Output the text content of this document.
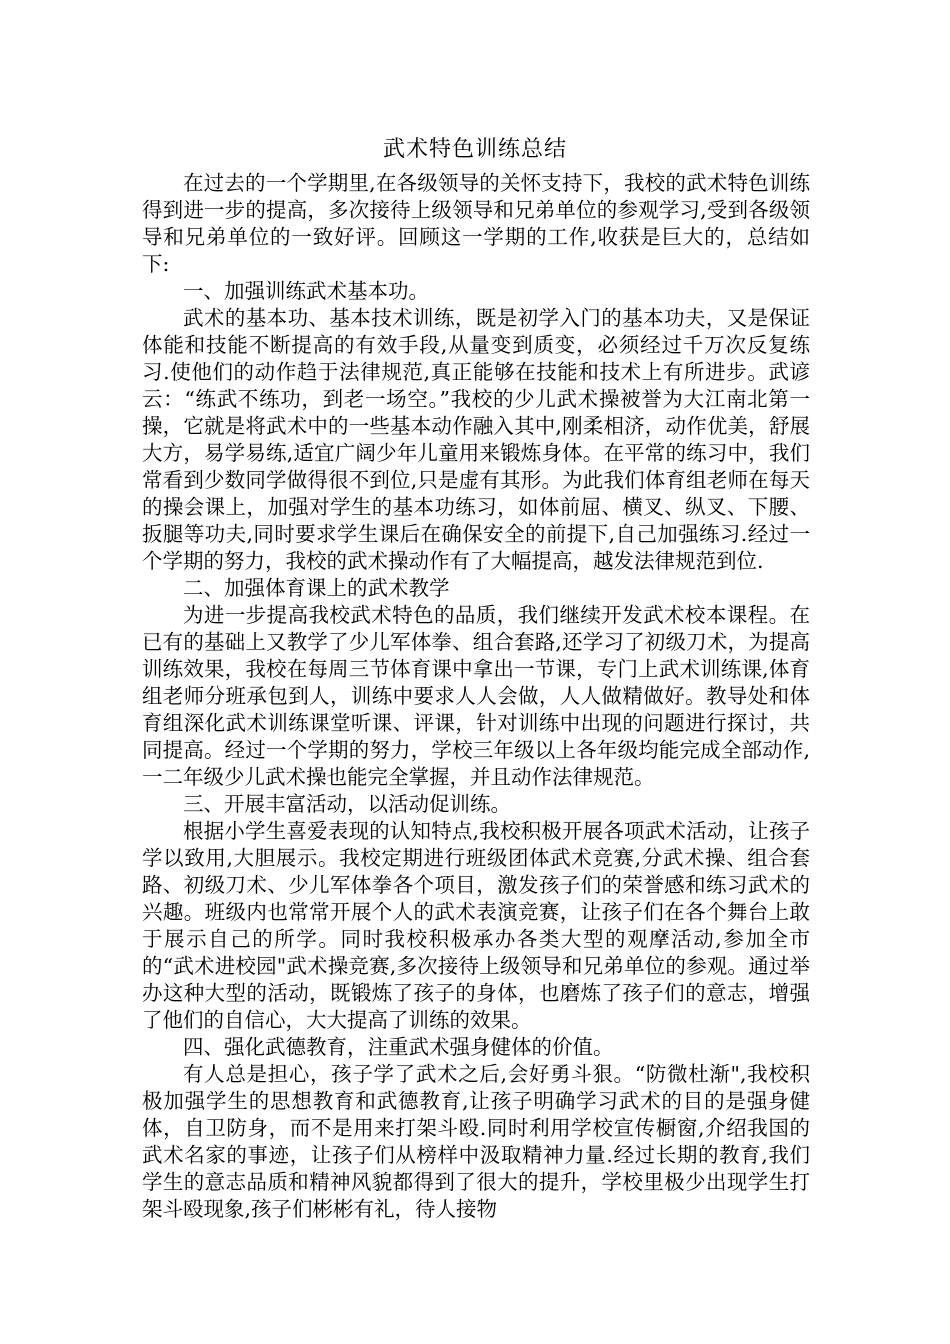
武术特色训练总结

在过去的一个学期里,在各级领导的关怀支持下，我校的武术特色训练得到进一步的提高，多次接待上级领导和兄弟单位的参观学习,受到各级领导和兄弟单位的一致好评。回顾这一学期的工作,收获是巨大的，总结如下:

一、加强训练武术基本功。

武术的基本功、基本技术训练，既是初学入门的基本功夫，又是保证体能和技能不断提高的有效手段,从量变到质变，必须经过千万次反复练习.使他们的动作趋于法律规范,真正能够在技能和技术上有所进步。武谚云：“练武不练功，到老一场空。”我校的少儿武术操被誉为大江南北第一操，它就是将武术中的一些基本动作融入其中,刚柔相济，动作优美，舒展大方，易学易练,适宜广阔少年儿童用来锻炼身体。在平常的练习中，我们常看到少数同学做得很不到位,只是虚有其形。为此我们体育组老师在每天的操会课上，加强对学生的基本功练习，如体前屈、横叉、纵叉、下腰、扳腿等功夫,同时要求学生课后在确保安全的前提下,自己加强练习.经过一个学期的努力，我校的武术操动作有了大幅提高，越发法律规范到位.

二、加强体育课上的武术教学

为进一步提高我校武术特色的品质，我们继续开发武术校本课程。在已有的基础上又教学了少儿军体拳、组合套路,还学习了初级刀术，为提高训练效果，我校在每周三节体育课中拿出一节课，专门上武术训练课,体育组老师分班承包到人，训练中要求人人会做，人人做精做好。教导处和体育组深化武术训练课堂听课、评课，针对训练中出现的问题进行探讨，共同提高。经过一个学期的努力，学校三年级以上各年级均能完成全部动作,一二年级少儿武术操也能完全掌握，并且动作法律规范。

三、开展丰富活动，以活动促训练。

根据小学生喜爱表现的认知特点,我校积极开展各项武术活动，让孩子学以致用,大胆展示。我校定期进行班级团体武术竞赛,分武术操、组合套路、初级刀术、少儿军体拳各个项目，激发孩子们的荣誉感和练习武术的兴趣。班级内也常常开展个人的武术表演竞赛，让孩子们在各个舞台上敢于展示自己的所学。同时我校积极承办各类大型的观摩活动,参加全市的“武术进校园"武术操竞赛,多次接待上级领导和兄弟单位的参观。通过举办这种大型的活动，既锻炼了孩子的身体，也磨炼了孩子们的意志，增强了他们的自信心，大大提高了训练的效果。

四、强化武德教育，注重武术强身健体的价值。

有人总是担心，孩子学了武术之后,会好勇斗狠。“防微杜渐",我校积极加强学生的思想教育和武德教育,让孩子明确学习武术的目的是强身健体，自卫防身，而不是用来打架斗殴.同时利用学校宣传橱窗,介绍我国的武术名家的事迹，让孩子们从榜样中汲取精神力量.经过长期的教育,我们学生的意志品质和精神风貌都得到了很大的提升，学校里极少出现学生打架斗殴现象,孩子们彬彬有礼，待人接物
